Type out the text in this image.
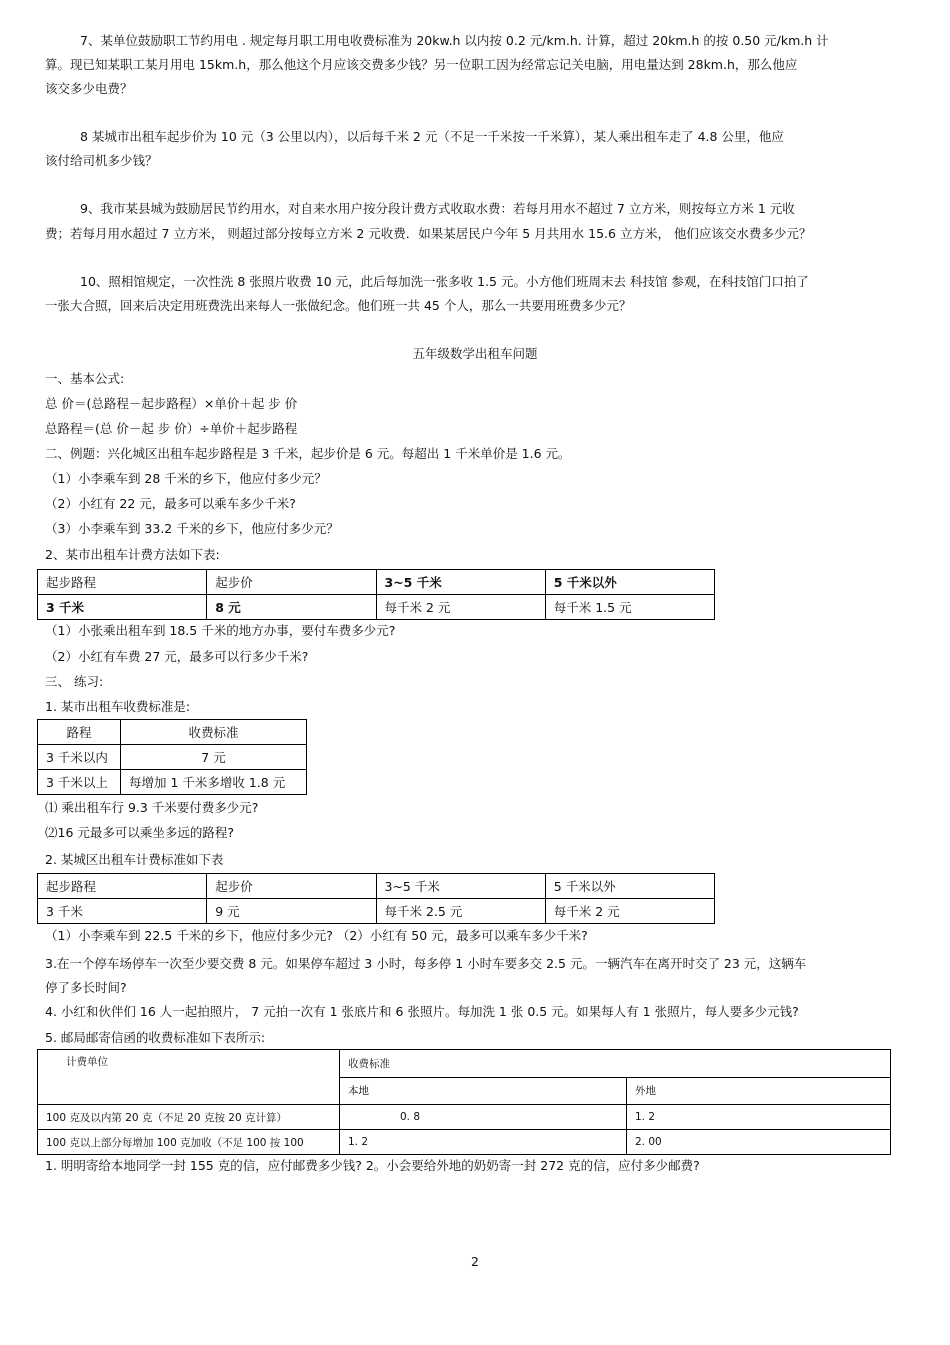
7、某单位鼓励职工节约用电 . 规定每月职工用电收费标准为 20kw.h 以内按 0.2 元/km.h. 计算，超过 20km.h 的按 0.50 元/km.h 计
算。现已知某职工某月用电 15km.h，那么他这个月应该交费多少钱？另一位职工因为经常忘记关电脑，用电量达到 28km.h，那么他应
该交多少电费？
8 某城市出租车起步价为 10 元（3 公里以内），以后每千米 2 元（不足一千米按一千米算），某人乘出租车走了 4.8 公里，他应
该付给司机多少钱？
9、我市某县城为鼓励居民节约用水，对自来水用户按分段计费方式收取水费：若每月用水不超过 7 立方米，则按每立方米 1 元收
费；若每月用水超过 7 立方米， 则超过部分按每立方米 2 元收费．如果某居民户今年 5 月共用水 15.6 立方米， 他们应该交水费多少元？
10、照相馆规定，一次性洗 8 张照片收费 10 元，此后每加洗一张多收 1.5 元。小方他们班周末去 科技馆 参观，在科技馆门口拍了
一张大合照，回来后决定用班费洗出来每人一张做纪念。他们班一共 45 个人，那么一共要用班费多少元？
五年级数学出租车问题
一、基本公式:
总 价＝(总路程－起步路程）×单价＋起 步 价
总路程＝(总 价－起 步 价）÷单价＋起步路程
二、例题：兴化城区出租车起步路程是 3 千米，起步价是 6 元。每超出 1 千米单价是 1.6 元。
（1）小李乘车到 28 千米的乡下，他应付多少元？
（2）小红有 22 元，最多可以乘车多少千米?
（3）小李乘车到 33.2 千米的乡下，他应付多少元？
2、某市出租车计费方法如下表:
起步路程	起步价	3~5 千米	5 千米以外
3 千米	8 元	每千米 2 元	每千米 1.5 元
（1）小张乘出租车到 18.5 千米的地方办事，要付车费多少元?
（2）小红有车费 27 元，最多可以行多少千米?
三、 练习:
1. 某市出租车收费标准是:
路程	收费标准
3 千米以内	7 元
3 千米以上	每增加 1 千米多增收 1.8 元
⑴ 乘出租车行 9.3 千米要付费多少元?
⑵16 元最多可以乘坐多远的路程?
2. 某城区出租车计费标准如下表
起步路程	起步价	3~5 千米	5 千米以外
3 千米	9 元	每千米 2.5 元	每千米 2 元
（1）小李乘车到 22.5 千米的乡下，他应付多少元? （2）小红有 50 元，最多可以乘车多少千米?
3.在一个停车场停车一次至少要交费 8 元。如果停车超过 3 小时，每多停 1 小时车要多交 2.5 元。一辆汽车在离开时交了 23 元，这辆车
停了多长时间?
4. 小红和伙伴们 16 人一起拍照片， 7 元拍一次有 1 张底片和 6 张照片。每加洗 1 张 0.5 元。如果每人有 1 张照片，每人要多少元钱?
5. 邮局邮寄信函的收费标准如下表所示:
计费单位	收费标准	
	本地	外地
100 克及以内第 20 克（不足 20 克按 20 克计算）	0. 8	1. 2
100 克以上部分每增加 100 克加收（不足 100 按 100	1. 2	2. 00
1. 明明寄给本地同学一封 155 克的信，应付邮费多少钱? 2。小会要给外地的奶奶寄一封 272 克的信，应付多少邮费?
2
